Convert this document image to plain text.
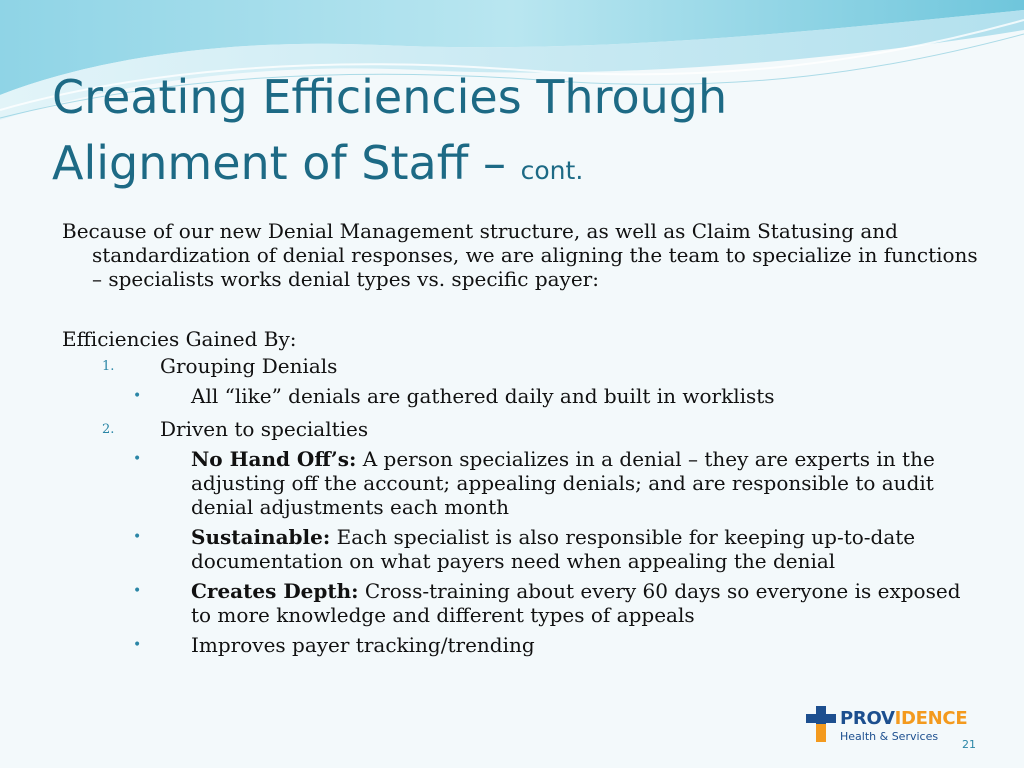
Creating Efficiencies Through
Alignment of Staff – cont.

Because of our new Denial Management structure, as well as Claim Statusing and standardization of denial responses, we are aligning the team to specialize in functions – specialists works denial types vs. specific payer:

Efficiencies Gained By:
1. Grouping Denials
• All “like” denials are gathered daily and built in worklists
2. Driven to specialties
• No Hand Off’s: A person specializes in a denial – they are experts in the adjusting off the account; appealing denials; and are responsible to audit denial adjustments each month
• Sustainable: Each specialist is also responsible for keeping up-to-date documentation on what payers need when appealing the denial
• Creates Depth: Cross-training about every 60 days so everyone is exposed to more knowledge and different types of appeals
• Improves payer tracking/trending
PROVIDENCE
Health & Services
21
